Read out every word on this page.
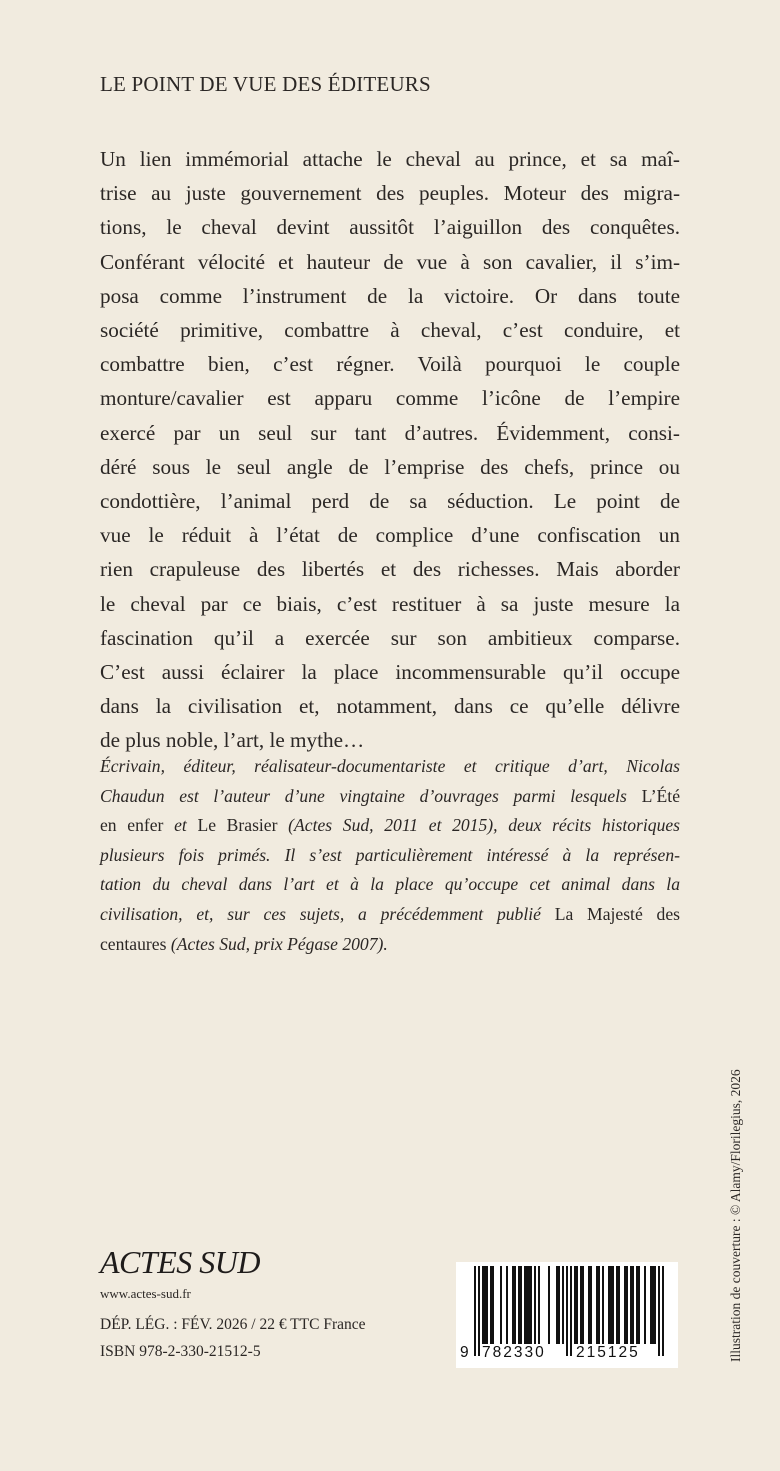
LE POINT DE VUE DES ÉDITEURS
Un lien immémorial attache le cheval au prince, et sa maî-
trise au juste gouvernement des peuples. Moteur des migra-
tions, le cheval devint aussitôt l’aiguillon des conquêtes.
Conférant vélocité et hauteur de vue à son cavalier, il s’im-
posa comme l’instrument de la victoire. Or dans toute
société primitive, combattre à cheval, c’est conduire, et
combattre bien, c’est régner. Voilà pourquoi le couple
monture/cavalier est apparu comme l’icône de l’empire
exercé par un seul sur tant d’autres. Évidemment, consi-
déré sous le seul angle de l’emprise des chefs, prince ou
condottière, l’animal perd de sa séduction. Le point de
vue le réduit à l’état de complice d’une confiscation un
rien crapuleuse des libertés et des richesses. Mais aborder
le cheval par ce biais, c’est restituer à sa juste mesure la
fascination qu’il a exercée sur son ambitieux comparse.
C’est aussi éclairer la place incommensurable qu’il occupe
dans la civilisation et, notamment, dans ce qu’elle délivre
de plus noble, l’art, le mythe…
Écrivain, éditeur, réalisateur-documentariste et critique d’art, Nicolas
Chaudun est l’auteur d’une vingtaine d’ouvrages parmi lesquels L’Été
en enfer et Le Brasier (Actes Sud, 2011 et 2015), deux récits historiques
plusieurs fois primés. Il s’est particulièrement intéressé à la représen-
tation du cheval dans l’art et à la place qu’occupe cet animal dans la
civilisation, et, sur ces sujets, a précédemment publié La Majesté des
centaures (Actes Sud, prix Pégase 2007).
ACTES SUD
www.actes-sud.fr
DÉP. LÉG. : FÉV. 2026 / 22 € TTC France
ISBN 978-2-330-21512-5	9 782330 215125	Illustration de couverture : © Alamy/Florilegius, 2026
